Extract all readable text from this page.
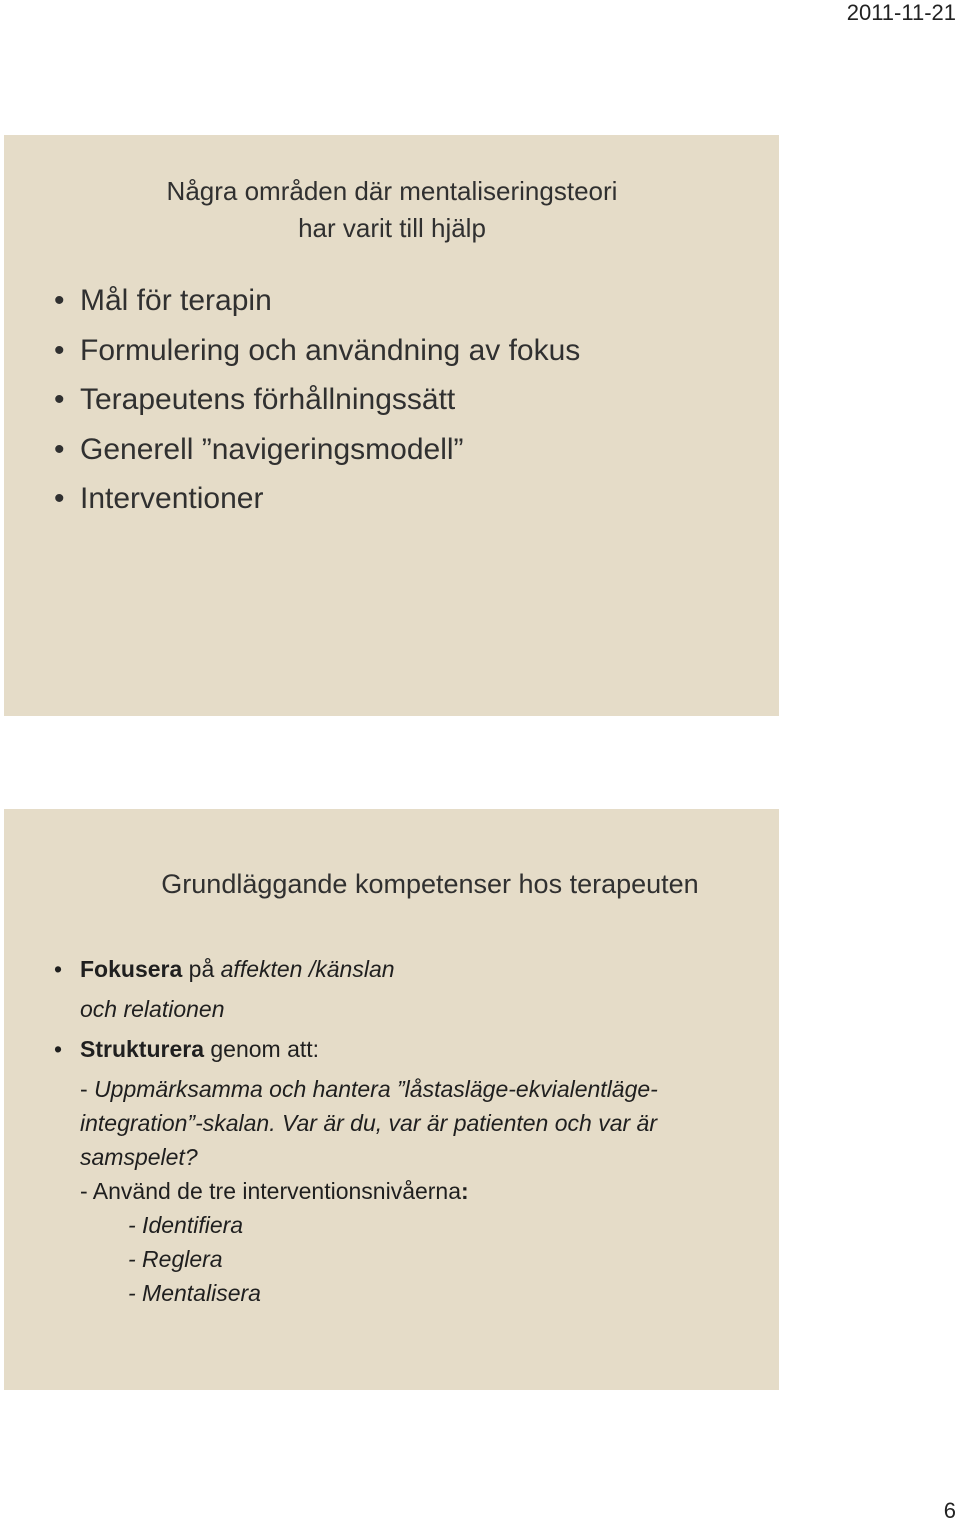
2011-11-21
Några områden där mentaliseringsteori
har varit till hjälp
• Mål för terapin
• Formulering och användning av fokus
• Terapeutens förhållningssätt
• Generell ”navigeringsmodell”
• Interventioner
Grundläggande kompetenser hos terapeuten
• Fokusera på affekten /känslan
och relationen
• Strukturera genom att:
- Uppmärksamma och hantera ”låstasläge-ekvialentläge-
integration”-skalan. Var är du, var är patienten och var är
samspelet?
- Använd de tre interventionsnivåerna:
- Identifiera
- Reglera
- Mentalisera
6
